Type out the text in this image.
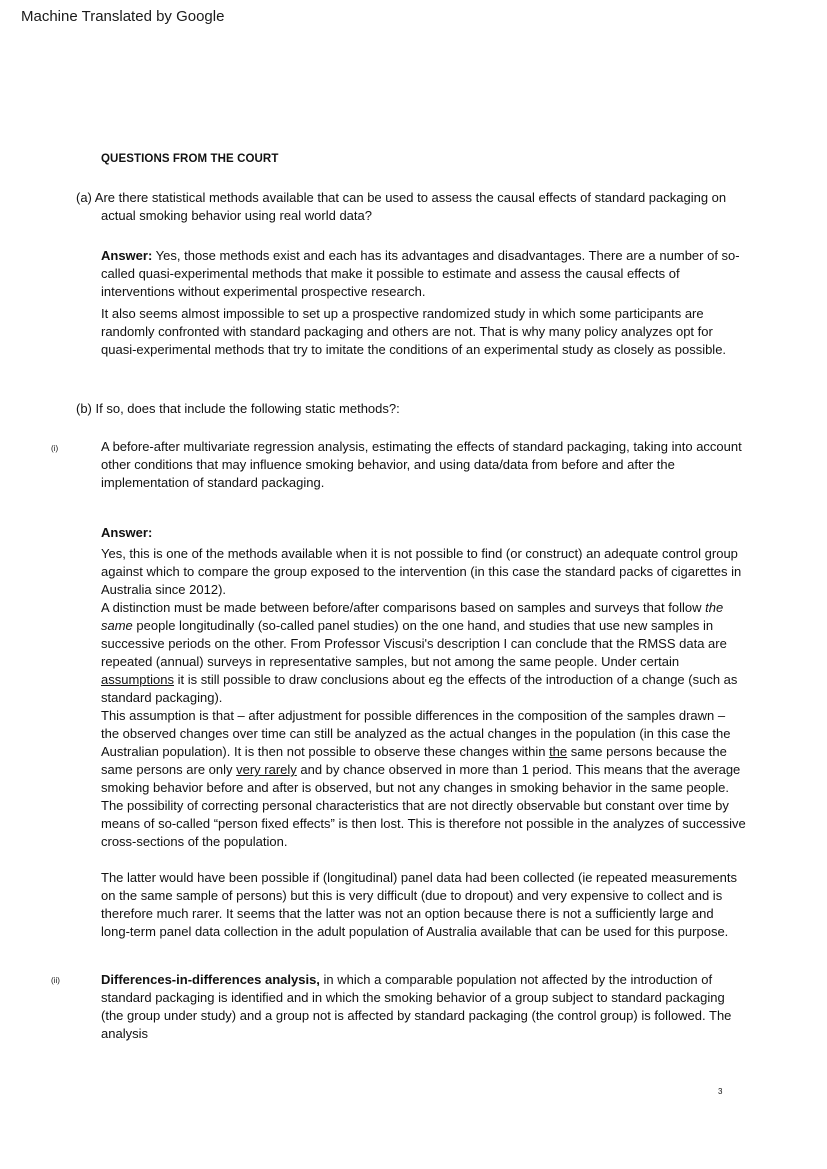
Machine Translated by Google
QUESTIONS FROM THE COURT
(a) Are there statistical methods available that can be used to assess the causal effects of standard packaging on actual smoking behavior using real world data?

Answer: Yes, those methods exist and each has its advantages and disadvantages. There are a number of so-called quasi-experimental methods that make it possible to estimate and assess the causal effects of interventions without experimental prospective research.

It also seems almost impossible to set up a prospective randomized study in which some participants are randomly confronted with standard packaging and others are not. That is why many policy analyzes opt for quasi-experimental methods that try to imitate the conditions of an experimental study as closely as possible.

(b) If so, does that include the following static methods?:
(i)	A before-after multivariate regression analysis, estimating the effects of standard packaging, taking into account other conditions that may influence smoking behavior, and using data/data from before and after the implementation of standard packaging.

Answer:

Yes, this is one of the methods available when it is not possible to find (or construct) an adequate control group against which to compare the group exposed to the intervention (in this case the standard packs of cigarettes in Australia since 2012).

A distinction must be made between before/after comparisons based on samples and surveys that follow the same people longitudinally (so-called panel studies) on the one hand, and studies that use new samples in successive periods on the other. From Professor Viscusi's description I can conclude that the RMSS data are repeated (annual) surveys in representative samples, but not among the same people. Under certain assumptions it is still possible to draw conclusions about eg the effects of the introduction of a change (such as standard packaging).

This assumption is that – after adjustment for possible differences in the composition of the samples drawn – the observed changes over time can still be analyzed as the actual changes in the population (in this case the Australian population). It is then not possible to observe these changes within the same persons because the same persons are only very rarely and by chance observed in more than 1 period. This means that the average smoking behavior before and after is observed, but not any changes in smoking behavior in the same people. The possibility of correcting personal characteristics that are not directly observable but constant over time by means of so-called “person fixed effects” is then lost. This is therefore not possible in the analyzes of successive cross-sections of the population.

The latter would have been possible if (longitudinal) panel data had been collected (ie repeated measurements on the same sample of persons) but this is very difficult (due to dropout) and very expensive to collect and is therefore much rarer. It seems that the latter was not an option because there is not a sufficiently large and long-term panel data collection in the adult population of Australia available that can be used for this purpose.

(ii)	Differences-in-differences analysis, in which a comparable population not affected by the introduction of standard packaging is identified and in which the smoking behavior of a group subject to standard packaging (the group under study) and a group not is affected by standard packaging (the control group) is followed. The analysis

3
